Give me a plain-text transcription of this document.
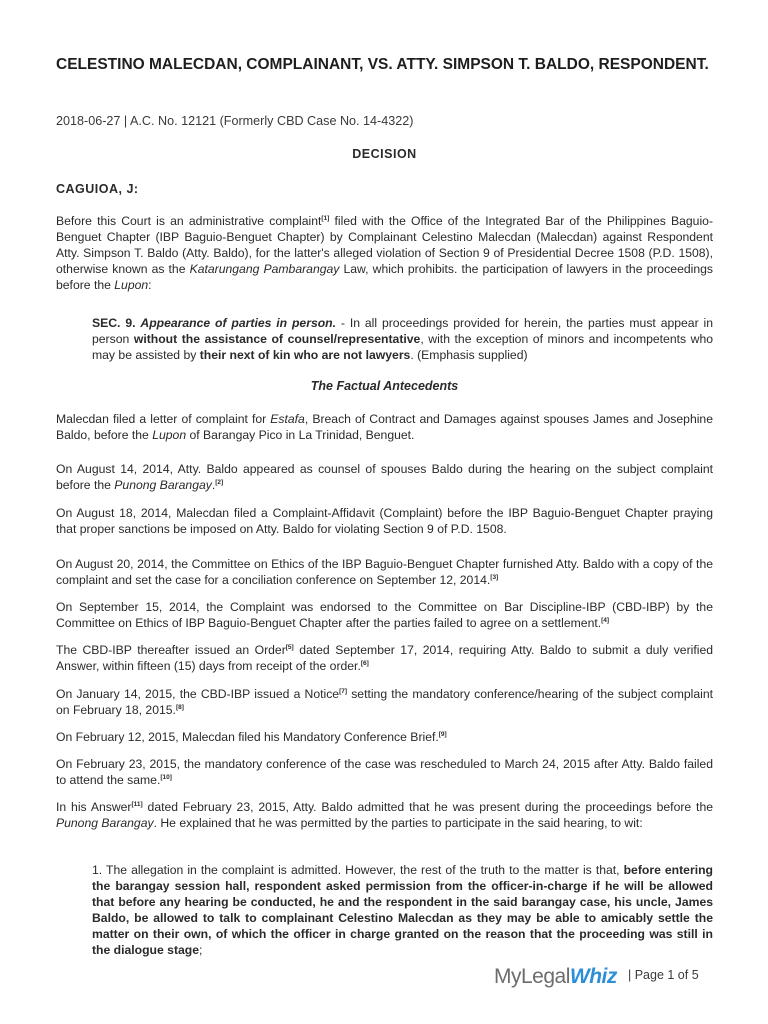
CELESTINO MALECDAN, COMPLAINANT, VS. ATTY. SIMPSON T. BALDO, RESPONDENT.
2018-06-27 | A.C. No. 12121 (Formerly CBD Case No. 14-4322)
DECISION
CAGUIOA, J:

Before this Court is an administrative complaint[1] filed with the Office of the Integrated Bar of the Philippines Baguio-Benguet Chapter (IBP Baguio-Benguet Chapter) by Complainant Celestino Malecdan (Malecdan) against Respondent Atty. Simpson T. Baldo (Atty. Baldo), for the latter's alleged violation of Section 9 of Presidential Decree 1508 (P.D. 1508), otherwise known as the Katarungang Pambarangay Law, which prohibits. the participation of lawyers in the proceedings before the Lupon:

SEC. 9. Appearance of parties in person. - In all proceedings provided for herein, the parties must appear in person without the assistance of counsel/representative, with the exception of minors and incompetents who may be assisted by their next of kin who are not lawyers. (Emphasis supplied)

The Factual Antecedents

Malecdan filed a letter of complaint for Estafa, Breach of Contract and Damages against spouses James and Josephine Baldo, before the Lupon of Barangay Pico in La Trinidad, Benguet.

On August 14, 2014, Atty. Baldo appeared as counsel of spouses Baldo during the hearing on the subject complaint before the Punong Barangay.[2]

On August 18, 2014, Malecdan filed a Complaint-Affidavit (Complaint) before the IBP Baguio-Benguet Chapter praying that proper sanctions be imposed on Atty. Baldo for violating Section 9 of P.D. 1508.

On August 20, 2014, the Committee on Ethics of the IBP Baguio-Benguet Chapter furnished Atty. Baldo with a copy of the complaint and set the case for a conciliation conference on September 12, 2014.[3]

On September 15, 2014, the Complaint was endorsed to the Committee on Bar Discipline-IBP (CBD-IBP) by the Committee on Ethics of IBP Baguio-Benguet Chapter after the parties failed to agree on a settlement.[4]

The CBD-IBP thereafter issued an Order[5] dated September 17, 2014, requiring Atty. Baldo to submit a duly verified Answer, within fifteen (15) days from receipt of the order.[6]

On January 14, 2015, the CBD-IBP issued a Notice[7] setting the mandatory conference/hearing of the subject complaint on February 18, 2015.[8]

On February 12, 2015, Malecdan filed his Mandatory Conference Brief.[9]

On February 23, 2015, the mandatory conference of the case was rescheduled to March 24, 2015 after Atty. Baldo failed to attend the same.[10]

In his Answer[11] dated February 23, 2015, Atty. Baldo admitted that he was present during the proceedings before the Punong Barangay. He explained that he was permitted by the parties to participate in the said hearing, to wit:

1. The allegation in the complaint is admitted. However, the rest of the truth to the matter is that, before entering the barangay session hall, respondent asked permission from the officer-in-charge if he will be allowed that before any hearing be conducted, he and the respondent in the said barangay case, his uncle, James Baldo, be allowed to talk to complainant Celestino Malecdan as they may be able to amicably settle the matter on their own, of which the officer in charge granted on the reason that the proceeding was still in the dialogue stage;

MyLegalWhiz | Page 1 of 5
